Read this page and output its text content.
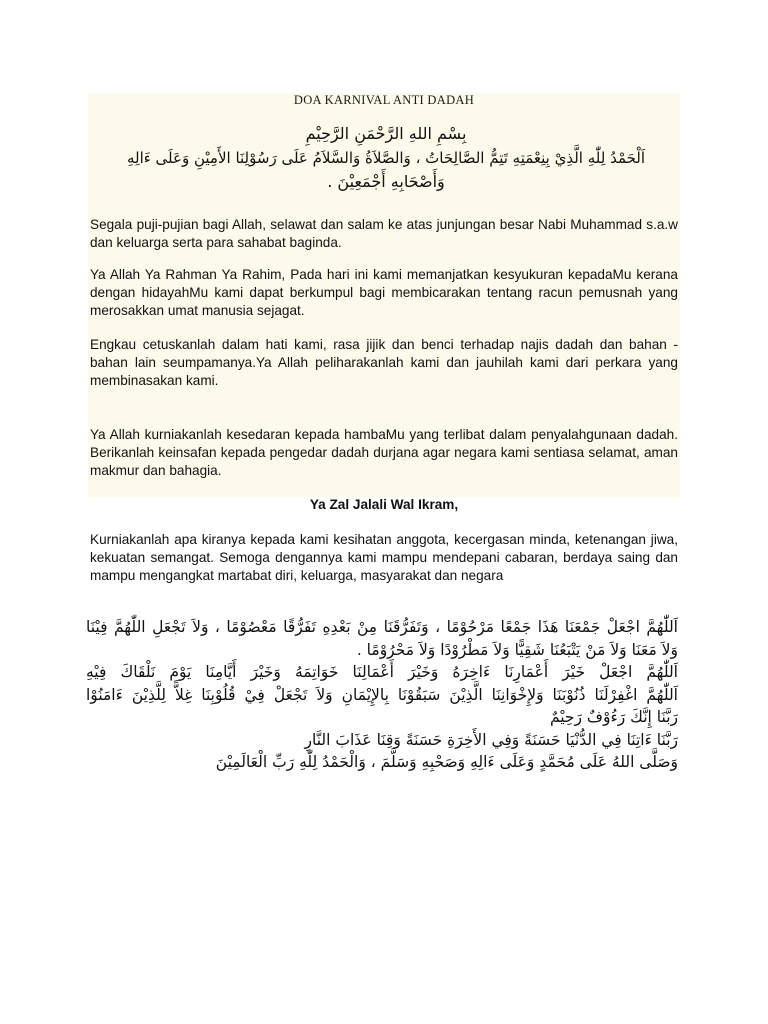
DOA KARNIVAL ANTI DADAH
بِسْمِ اللهِ الرَّحْمَنِ الرَّحِيْمِ
اَلْحَمْدُ لِلّٰهِ الَّذِيْ بِنِعْمَتِهِ تَتِمُّ الصَّالِحَاتُ ، وَالصَّلاَةُ وَالسَّلاَمُ عَلَى رَسُوْلِنَا الأَمِيْنِ وَعَلَى ءَالِهِ
وَأَصْحَابِهِ أَجْمَعِيْنَ .

Segala puji-pujian bagi Allah, selawat dan salam ke atas junjungan besar Nabi Muhammad s.a.w dan keluarga serta para sahabat baginda.

Ya Allah Ya Rahman Ya Rahim, Pada hari ini kami memanjatkan kesyukuran kepadaMu kerana dengan hidayahMu kami dapat berkumpul bagi membicarakan tentang racun pemusnah yang merosakkan umat manusia sejagat.

Engkau cetuskanlah dalam hati kami, rasa jijik dan benci terhadap najis dadah dan bahan - bahan lain seumpamanya.Ya Allah peliharakanlah kami dan jauhilah kami dari perkara yang membinasakan kami.

Ya Allah kurniakanlah kesedaran kepada hambaMu yang terlibat dalam penyalahgunaan dadah. Berikanlah keinsafan kepada pengedar dadah durjana agar negara kami sentiasa selamat, aman makmur dan bahagia.

Ya Zal Jalali Wal Ikram,

Kurniakanlah apa kiranya kepada kami kesihatan anggota, kecergasan minda, ketenangan jiwa, kekuatan semangat. Semoga dengannya kami mampu mendepani cabaran, berdaya saing dan mampu mengangkat martabat diri, keluarga, masyarakat dan negara

اَللّٰهُمَّ اجْعَلْ جَمْعَنَا هَذَا جَمْعًا مَرْحُوْمًا ، وَتَفَرُّقَنَا مِنْ بَعْدِهِ تَفَرُّقًا مَعْصُوْمًا ، وَلاَ تَجْعَلِ اللّٰهُمَّ فِيْنَا
وَلاَ مَعَنَا وَلاَ مَنْ يَتْبَعُنَا شَقِيًّا وَلاَ مَطْرُوْدًا وَلاَ مَحْرُوْمًا .
اَللّٰهُمَّ اجْعَلْ خَيْرَ أَعْمَارِنَا ءَاخِرَهُ وَخَيْرَ أَعْمَالِنَا خَوَاتِمَهُ وَخَيْرَ أَيَّامِنَا يَوْمَ نَلْقَاكَ فِيْهِ
اَللّٰهُمَّ اغْفِرْلَنَا ذُنُوْبَنَا وَلإِخْوَانِنَا الَّذِيْنَ سَبَقُوْنَا بِالإِيْمَانِ وَلاَ تَجْعَلْ فِيْ قُلُوْبِنَا غِلاًّ لِلَّذِيْنَ ءَامَنُوْا
رَبَّنَا إِنَّكَ رَءُوْفٌ رَحِيْمٌ
رَبَّنَا ءَاتِنَا فِي الدُّنْيَا حَسَنَةً وَفِي الأَخِرَةِ حَسَنَةً وَقِنَا عَذَابَ النَّارِ
وَصَلَّى اللهُ عَلَى مُحَمَّدٍ وَعَلَى ءَالِهِ وَصَحْبِهِ وَسَلَّمَ ، وَالْحَمْدُ لِلّٰهِ رَبِّ الْعَالَمِيْنَ
